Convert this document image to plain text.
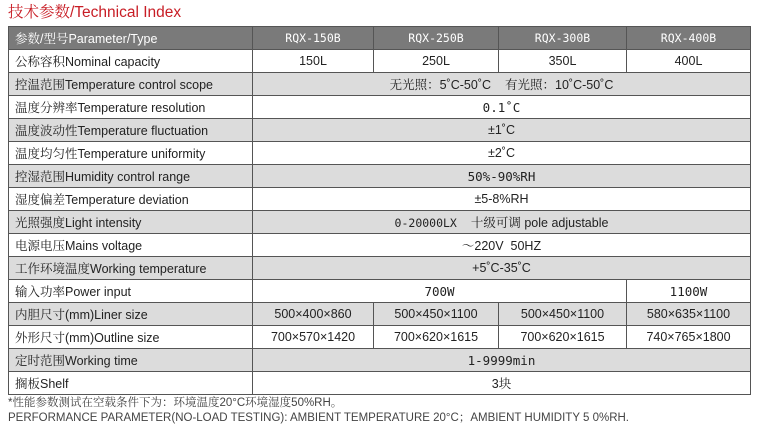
技术参数/Technical Index
参数/型号Parameter/Type	RQX-150B	RQX-250B	RQX-300B	RQX-400B
公称容积Nominal capacity	150L	250L	350L	400L
控温范围Temperature control scope	无光照：5˚C-50˚C 有光照：10˚C-50˚C			
温度分辨率Temperature resolution	0.1˚C			
温度波动性Temperature fluctuation	±1˚C			
温度均匀性Temperature uniformity	±2˚C			
控湿范围Humidity control range	50%-90%RH			
湿度偏差Temperature deviation	±5-8%RH			
光照强度Light intensity	0-20000LX 十级可调 pole adjustable			
电源电压Mains voltage	～220V  50HZ			
工作环境温度Working temperature	+5˚C-35˚C			
输入功率Power input	700W			1100W
内胆尺寸(mm)Liner size	500×400×860	500×450×1100	500×450×1100	580×635×1100
外形尺寸(mm)Outline size	700×570×1420	700×620×1615	700×620×1615	740×765×1800
定时范围Working time	1-9999min			
搁板Shelf	3块			
*性能参数测试在空载条件下为：环境温度20°C环境湿度50%RH。
PERFORMANCE PARAMETER(NO-LOAD TESTING): AMBIENT TEMPERATURE 20°C；AMBIENT HUMIDITY 5 0%RH.
